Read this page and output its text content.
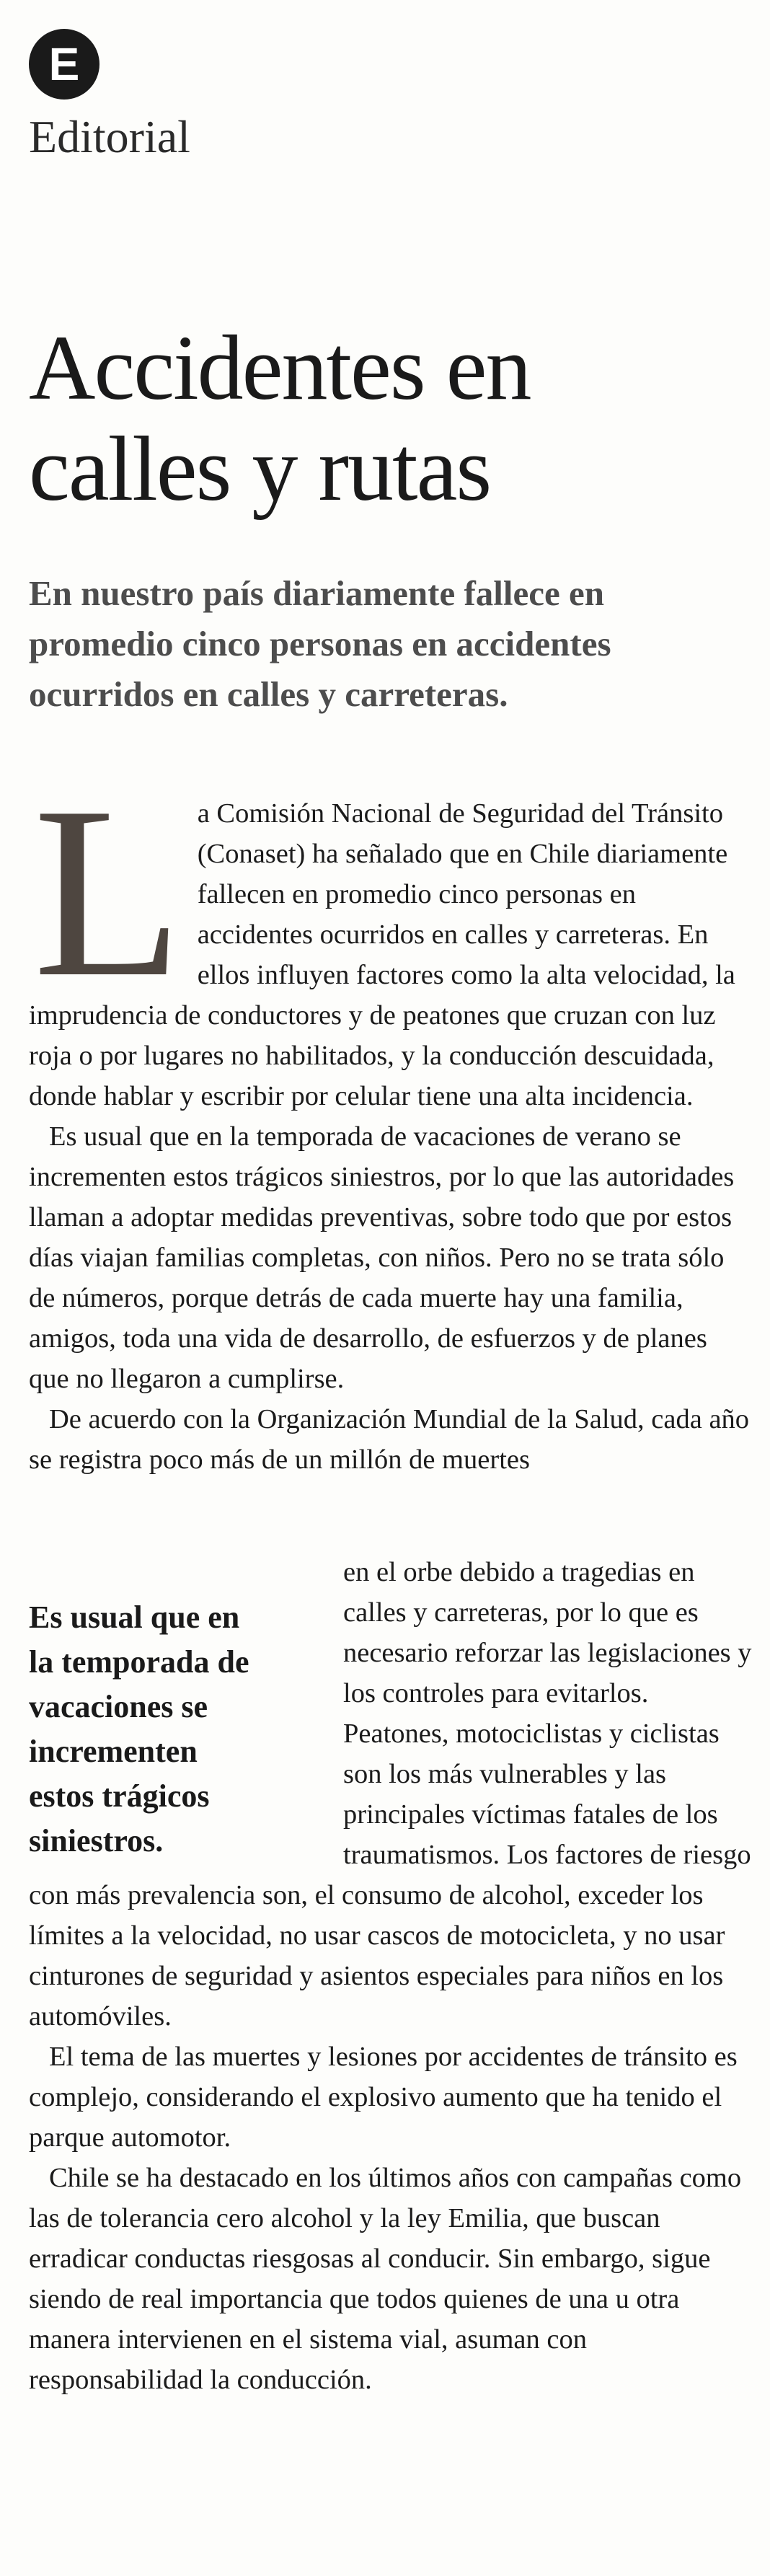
E
Editorial
Accidentes en
calles y rutas

En nuestro país diariamente fallece en
promedio cinco personas en accidentes
ocurridos en calles y carreteras.

La Comisión Nacional de Seguridad del Tránsito (Conaset) ha señalado que en Chile diariamente fallecen en promedio cinco personas en accidentes ocurridos en calles y carreteras. En ellos influyen factores como la alta velocidad, la imprudencia de conductores y de peatones que cruzan con luz roja o por lugares no habilitados, y la conducción descuidada, donde hablar y escribir por celular tiene una alta incidencia.

Es usual que en la temporada de vacaciones de verano se incrementen estos trágicos siniestros, por lo que las autoridades llaman a adoptar medidas preventivas, sobre todo que por estos días viajan familias completas, con niños. Pero no se trata sólo de números, porque detrás de cada muerte hay una familia, amigos, toda una vida de desarrollo, de esfuerzos y de planes que no llegaron a cumplirse.

De acuerdo con la Organización Mundial de la Salud, cada año se registra poco más de un millón de muertes

Es usual que en
la temporada de
vacaciones se
incrementen
estos trágicos
siniestros.

en el orbe debido a tragedias en calles y carreteras, por lo que es necesario reforzar las legislaciones y los controles para evitarlos. Peatones, motociclistas y ciclistas son los más vulnerables y las principales víctimas fatales de los traumatismos. Los factores de riesgo con más prevalencia son, el consumo de alcohol, exceder los límites a la velocidad, no usar cascos de motocicleta, y no usar cinturones de seguridad y asientos especiales para niños en los automóviles.

El tema de las muertes y lesiones por accidentes de tránsito es complejo, considerando el explosivo aumento que ha tenido el parque automotor.

Chile se ha destacado en los últimos años con campañas como las de tolerancia cero alcohol y la ley Emilia, que buscan erradicar conductas riesgosas al conducir. Sin embargo, sigue siendo de real importancia que todos quienes de una u otra manera intervienen en el sistema vial, asuman con responsabilidad la conducción.
